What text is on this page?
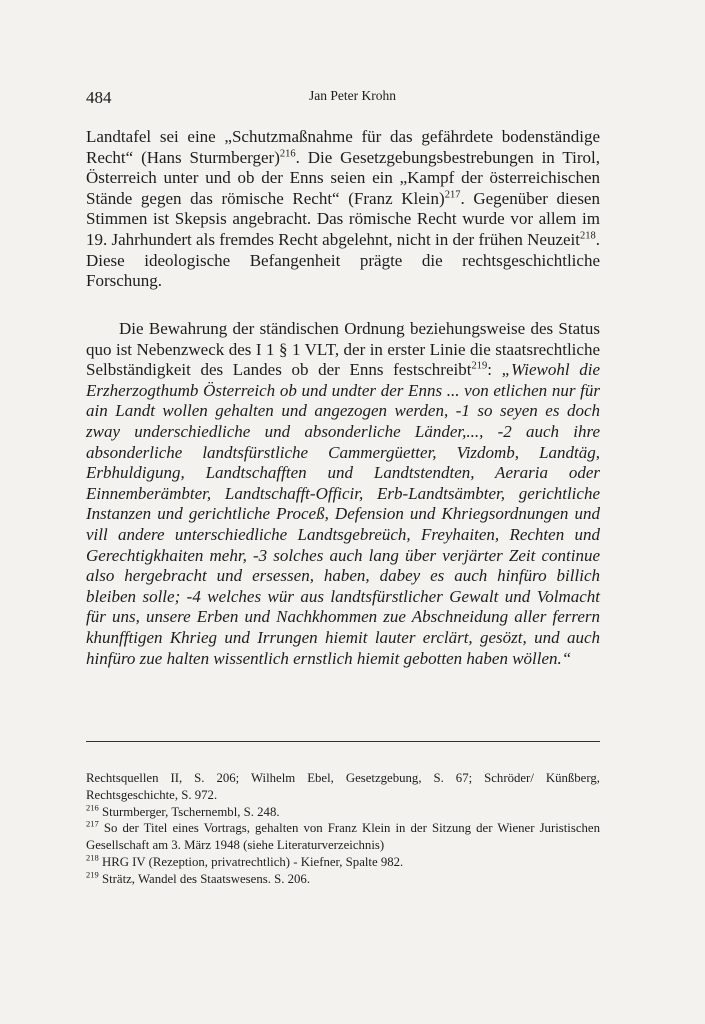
484	Jan Peter Krohn

Landtafel sei eine „Schutzmaßnahme für das gefährdete bodenständige Recht“ (Hans Sturmberger)$^{216}$. Die Gesetzgebungsbestrebungen in Tirol, Österreich unter und ob der Enns seien ein „Kampf der österreichischen Stände gegen das römische Recht“ (Franz Klein)$^{217}$. Gegenüber diesen Stimmen ist Skepsis angebracht. Das römische Recht wurde vor allem im 19. Jahrhundert als fremdes Recht abgelehnt, nicht in der frühen Neuzeit$^{218}$. Diese ideologische Befangenheit prägte die rechtsgeschichtliche Forschung.

Die Bewahrung der ständischen Ordnung beziehungsweise des Status quo ist Nebenzweck des I 1 § 1 VLT, der in erster Linie die staatsrechtliche Selbständigkeit des Landes ob der Enns festschreibt$^{219}$: „Wiewohl die Erzherzogthumb Österreich ob und undter der Enns ... von etlichen nur für ain Landt wollen gehalten und angezogen werden, -1 so seyen es doch zway underschiedliche und absonderliche Länder,..., -2 auch ihre absonderliche landtsfürstliche Cammergüetter, Vizdomb, Landtäg, Erbhuldigung, Landtschafften und Landtstendten, Aeraria oder Einnemberämbter, Landtschafft-Officir, Erb-Landtsämbter, gerichtliche Instanzen und gerichtliche Proceß, Defension und Khriegsordnungen und vill andere unterschiedliche Landtsgebreüch, Freyhaiten, Rechten und Gerechtigkhaiten mehr, -3 solches auch lang über verjärter Zeit continue also hergebracht und ersessen, haben, dabey es auch hinfüro billich bleiben solle; -4 welches wür aus landtsfürstlicher Gewalt und Volmacht für uns, unsere Erben und Nachkhommen zue Abschneidung aller ferrern khunfftigen Khrieg und Irrungen hiemit lauter erclärt, gesözt, und auch hinfüro zue halten wissentlich ernstlich hiemit gebotten haben wöllen.“

Rechtsquellen II, S. 206; Wilhelm Ebel, Gesetzgebung, S. 67; Schröder/ Künßberg, Rechtsgeschichte, S. 972.

$^{216}$ Sturmberger, Tschernembl, S. 248.

$^{217}$ So der Titel eines Vortrags, gehalten von Franz Klein in der Sitzung der Wiener Juristischen Gesellschaft am 3. März 1948 (siehe Literaturverzeichnis)

$^{218}$ HRG IV (Rezeption, privatrechtlich) - Kiefner, Spalte 982.

$^{219}$ Strätz, Wandel des Staatswesens. S. 206.
